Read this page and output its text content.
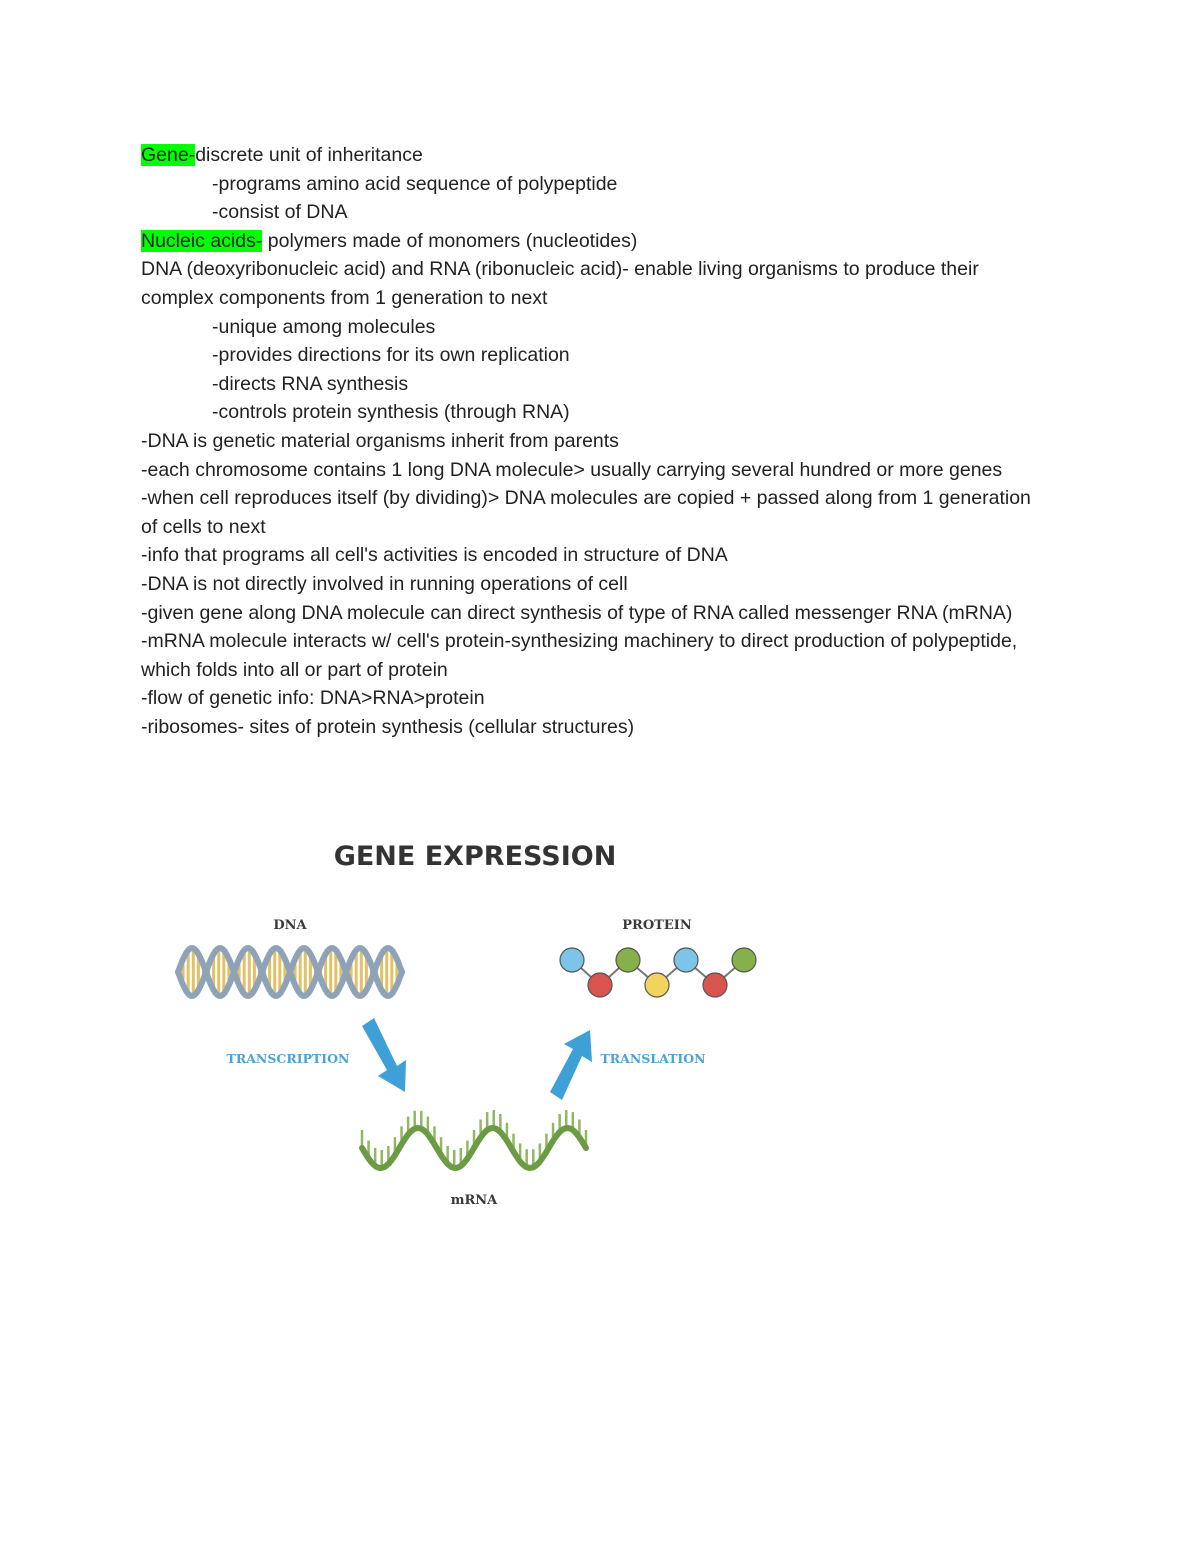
Gene-discrete unit of inheritance

-programs amino acid sequence of polypeptide

-consist of DNA

Nucleic acids- polymers made of monomers (nucleotides)

DNA (deoxyribonucleic acid) and RNA (ribonucleic acid)- enable living organisms to produce their complex components from 1 generation to next

-unique among molecules

-provides directions for its own replication

-directs RNA synthesis

-controls protein synthesis (through RNA)

-DNA is genetic material organisms inherit from parents

-each chromosome contains 1 long DNA molecule> usually carrying several hundred or more genes

-when cell reproduces itself (by dividing)> DNA molecules are copied + passed along from 1 generation of cells to next

-info that programs all cell's activities is encoded in structure of DNA

-DNA is not directly involved in running operations of cell

-given gene along DNA molecule can direct synthesis of type of RNA called messenger RNA (mRNA)

-mRNA molecule interacts w/ cell's protein-synthesizing machinery to direct production of polypeptide, which folds into all or part of protein

-flow of genetic info: DNA>RNA>protein

-ribosomes- sites of protein synthesis (cellular structures)

GENE EXPRESSION
DNA	PROTEIN
TRANSCRIPTION	TRANSLATION
mRNA
